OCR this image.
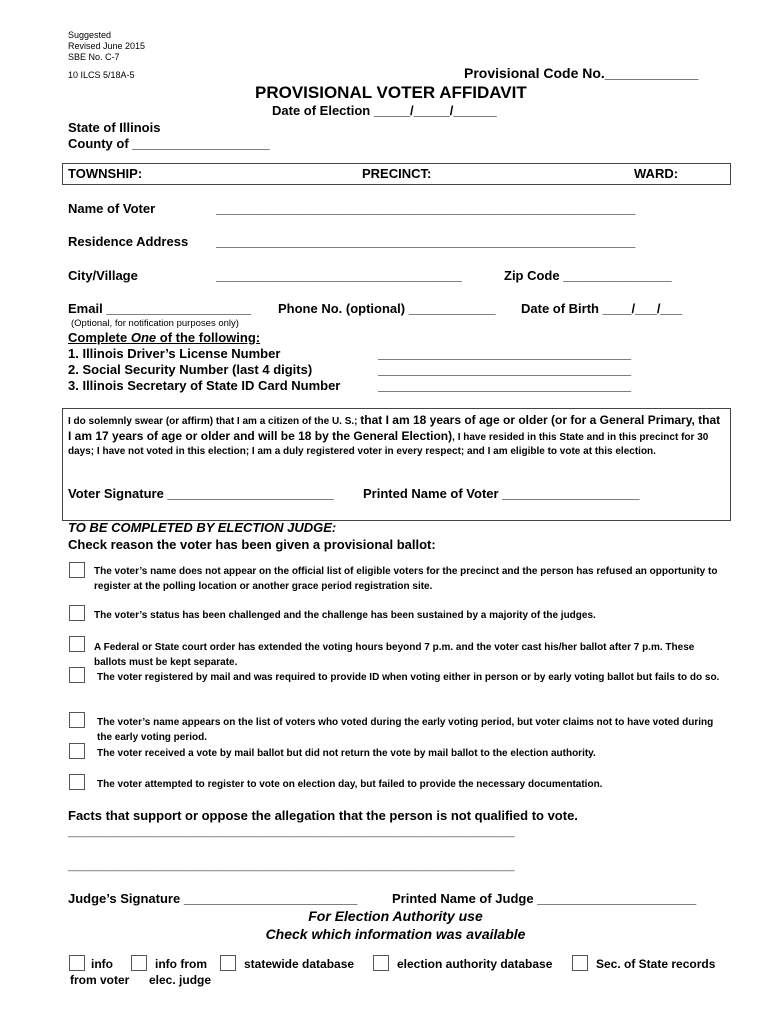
Suggested
Revised June 2015
SBE No. C-7
10 ILCS 5/18A-5	Provisional Code No.____________
PROVISIONAL VOTER AFFIDAVIT
Date of Election _____/_____/______
State of Illinois
County of ___________________
TOWNSHIP:	PRECINCT:	WARD:
Name of Voter	__________________________________________________________
Residence Address __________________________________________________________
City/Village	__________________________________	Zip Code _______________
Email ____________________ Phone No. (optional) ____________ Date of Birth ____/___/___
(Optional, for notification purposes only)
Complete One of the following:
1. Illinois Driver’s License Number	___________________________________
2. Social Security Number (last 4 digits)	___________________________________
3. Illinois Secretary of State ID Card Number	___________________________________
I do solemnly swear (or affirm) that I am a citizen of the U. S.; that I am 18 years of age or older (or for a General Primary, that I am 17 years of age or older and will be 18 by the General Election), I have resided in this State and in this precinct for 30 days; I have not voted in this election; I am a duly registered voter in every respect; and I am eligible to vote at this election.
Voter Signature _______________________ Printed Name of Voter ___________________
TO BE COMPLETED BY ELECTION JUDGE:
Check reason the voter has been given a provisional ballot:
The voter’s name does not appear on the official list of eligible voters for the precinct and the person has refused an opportunity to register at the polling location or another grace period registration site.
The voter’s status has been challenged and the challenge has been sustained by a majority of the judges.
A Federal or State court order has extended the voting hours beyond 7 p.m. and the voter cast his/her ballot after 7 p.m. These ballots must be kept separate.
The voter registered by mail and was required to provide ID when voting either in person or by early voting ballot but fails to do so.
The voter’s name appears on the list of voters who voted during the early voting period, but voter claims not to have voted during the early voting period.
The voter received a vote by mail ballot but did not return the vote by mail ballot to the election authority.
The voter attempted to register to vote on election day, but failed to provide the necessary documentation.
Facts that support or oppose the allegation that the person is not qualified to vote.
_________________________________________________________________________
_________________________________________________________________________
Judge’s Signature ________________________	Printed Name of Judge ______________________
For Election Authority use
Check which information was available
info
from voter
info from
elec. judge
statewide database	election authority database	Sec. of State records
